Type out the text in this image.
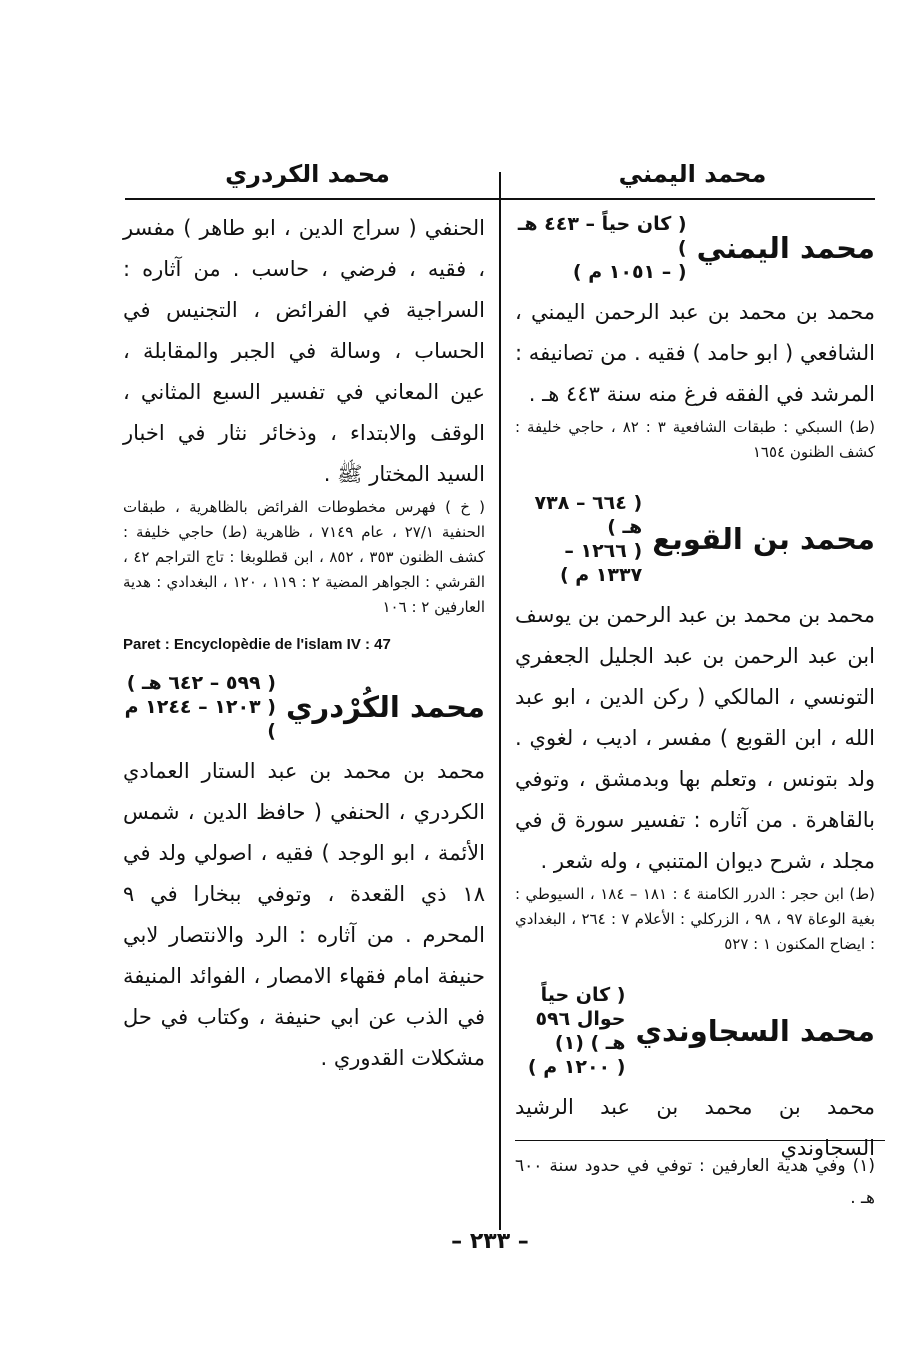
محمد الكردري	محمد اليمني
محمد اليمني
( كان حياً – ٤٤٣ هـ )
( – ١٠٥١ م )

محمد بن محمد بن عبد الرحمن اليمني ، الشافعي ( ابو حامد ) فقيه . من تصانيفه : المرشد في الفقه فرغ منه سنة ٤٤٣ هـ .

(ط) السبكي : طبقات الشافعية ٣ : ٨٢ ، حاجي خليفة : كشف الظنون ١٦٥٤

محمد بن القوبع
( ٦٦٤ – ٧٣٨ هـ )
( ١٢٦٦ – ١٣٣٧ م )

محمد بن محمد بن عبد الرحمن بن يوسف ابن عبد الرحمن بن عبد الجليل الجعفري التونسي ، المالكي ( ركن الدين ، ابو عبد الله ، ابن القوبع ) مفسر ، اديب ، لغوي . ولد بتونس ، وتعلم بها وبدمشق ، وتوفي بالقاهرة . من آثاره : تفسير سورة ق في مجلد ، شرح ديوان المتنبي ، وله شعر .

(ط) ابن حجر : الدرر الكامنة ٤ : ١٨١ – ١٨٤ ، السيوطي : بغية الوعاة ٩٧ ، ٩٨ ، الزركلي : الأعلام ٧ : ٢٦٤ ، البغدادي : ايضاح المكنون ١ : ٥٢٧

محمد السجاوندي
( كان حياً حوال ٥٩٦ هـ ) (١)
( ١٢٠٠ م )

محمد بن محمد بن عبد الرشيد السجاوندي

(١) وفي هدية العارفين : توفي في حدود سنة ٦٠٠ هـ .

الحنفي ( سراج الدين ، ابو طاهر ) مفسر ، فقيه ، فرضي ، حاسب . من آثاره : السراجية في الفرائض ، التجنيس في الحساب ، وسالة في الجبر والمقابلة ، عين المعاني في تفسير السبع المثاني ، الوقف والابتداء ، وذخائر نثار في اخبار السيد المختار ﷺ .

( خ ) فهرس مخطوطات الفرائض بالظاهرية ، طبقات الحنفية ٢٧/١ ، عام ٧١٤٩ ، ظاهرية (ط) حاجي خليفة : كشف الظنون ٣٥٣ ، ٨٥٢ ، ابن قطلوبغا : تاج التراجم ٤٢ ، القرشي : الجواهر المضية ٢ : ١١٩ ، ١٢٠ ، البغدادي : هدية العارفين ٢ : ١٠٦

Paret : Encyclopèdie de l'islam IV : 47
محمد الكُرْدري
( ٥٩٩ – ٦٤٢ هـ )
( ١٢٠٣ – ١٢٤٤ م )

محمد بن محمد بن عبد الستار العمادي الكردري ، الحنفي ( حافظ الدين ، شمس الأئمة ، ابو الوجد ) فقيه ، اصولي ولد في ١٨ ذي القعدة ، وتوفي ببخارا في ٩ المحرم . من آثاره : الرد والانتصار لابي حنيفة امام فقهاء الامصار ، الفوائد المنيفة في الذب عن ابي حنيفة ، وكتاب في حل مشكلات القدوري .

– ٢٣٣ –
